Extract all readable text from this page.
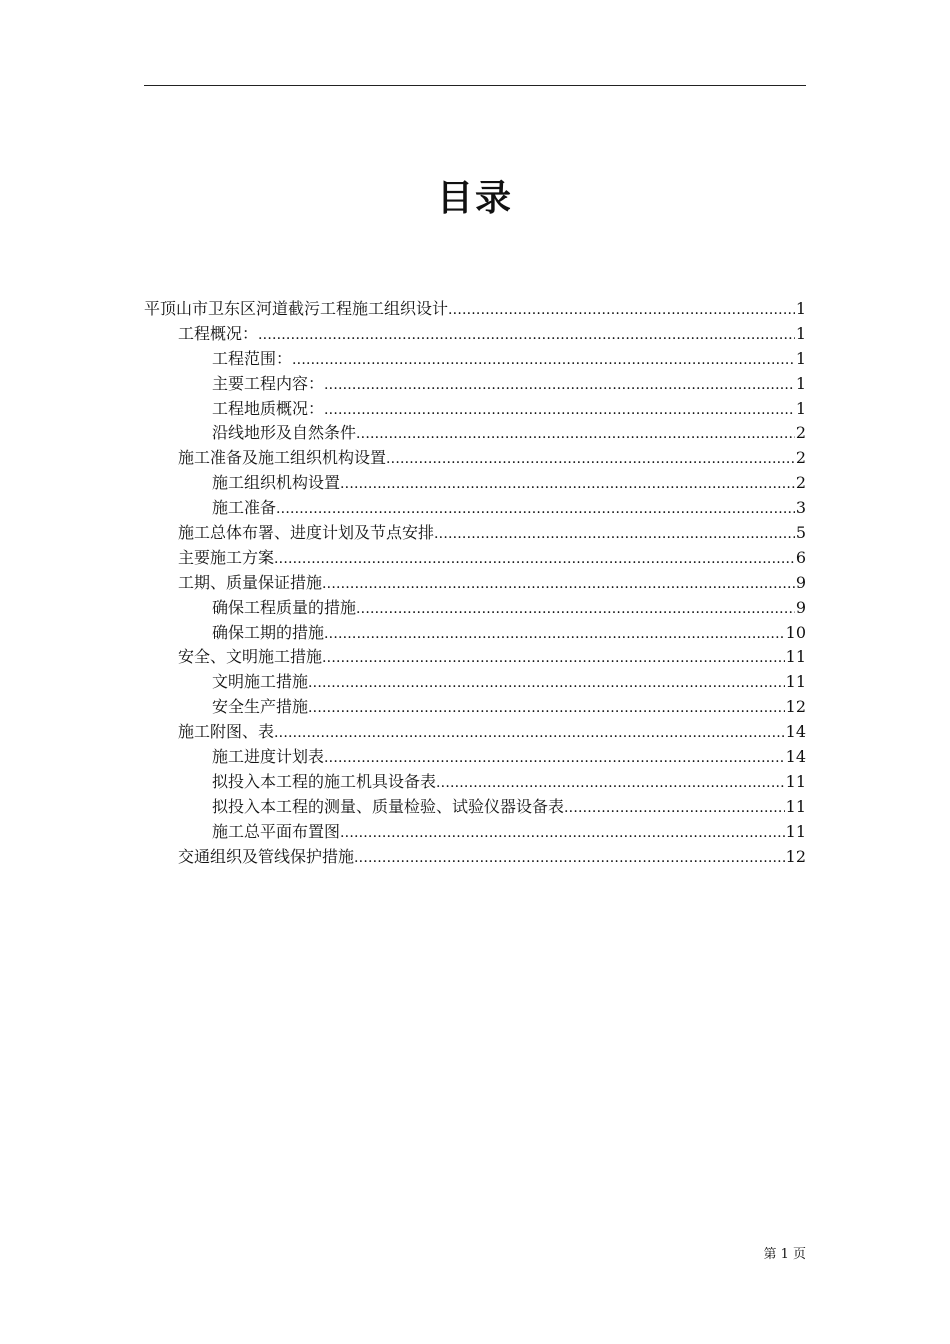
目录
平顶山市卫东区河道截污工程施工组织设计 .....	1
工程概况： .....	1
工程范围： .....	1
主要工程内容： .....	1
工程地质概况： .....	1
沿线地形及自然条件 .....	2
施工准备及施工组织机构设置 .....	2
施工组织机构设置 .....	2
施工准备 .....	3
施工总体布署、进度计划及节点安排 .....	5
主要施工方案 .....	6
工期、质量保证措施 .....	9
确保工程质量的措施 .....	9
确保工期的措施 .....	10
安全、文明施工措施 .....	11
文明施工措施 .....	11
安全生产措施 .....	12
施工附图、表 .....	14
施工进度计划表 .....	14
拟投入本工程的施工机具设备表 .....	11
拟投入本工程的测量、质量检验、试验仪器设备表 .....	11
施工总平面布置图 .....	11
交通组织及管线保护措施 .....	12
第 1 页
